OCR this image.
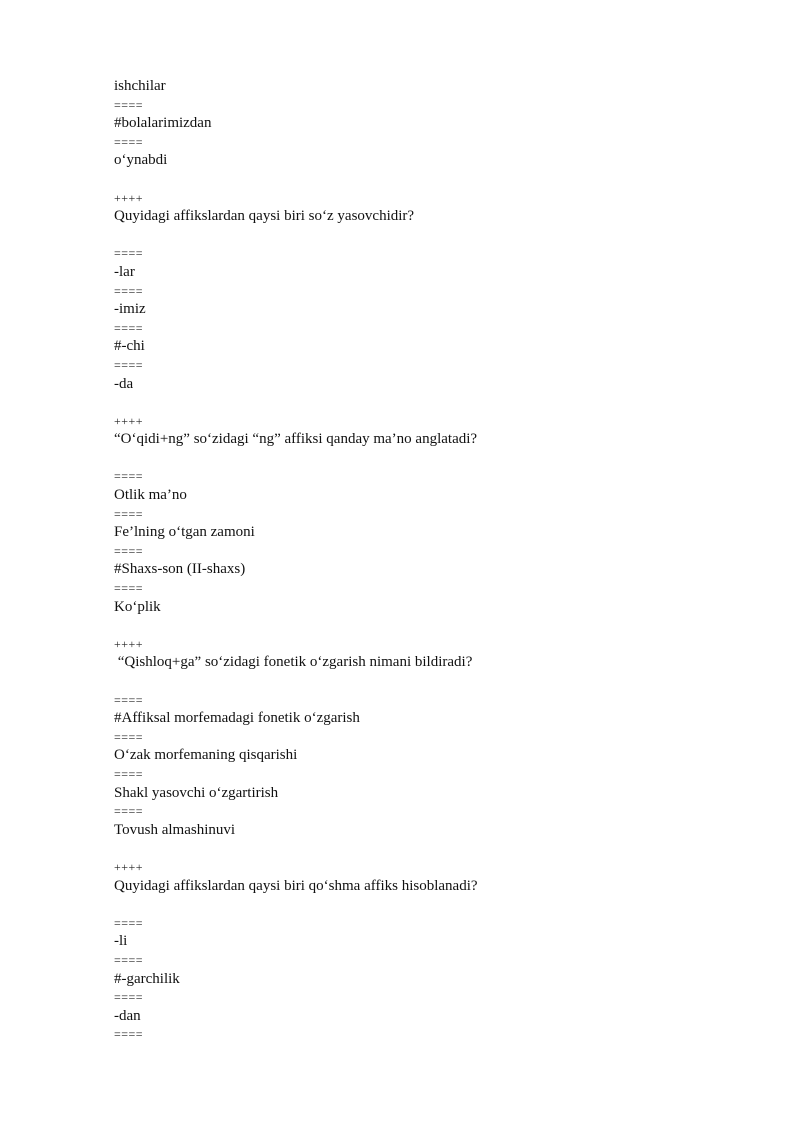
ishchilar
====
#bolalarimizdan
====
o‘ynabdi
++++
Quyidagi affikslardan qaysi biri so‘z yasovchidir?
====
-lar
====
-imiz
====
#-chi
====
-da
++++
“O‘qidi+ng” so‘zidagi “ng” affiksi qanday ma’no anglatadi?
====
Otlik ma’no
====
Fe’lning o‘tgan zamoni
====
#Shaxs-son (II-shaxs)
====
Ko‘plik
++++
“Qishloq+ga” so‘zidagi fonetik o‘zgarish nimani bildiradi?
====
#Affiksal morfemadagi fonetik o‘zgarish
====
O‘zak morfemaning qisqarishi
====
Shakl yasovchi o‘zgartirish
====
Tovush almashinuvi
++++
Quyidagi affikslardan qaysi biri qo‘shma affiks hisoblanadi?
====
-li
====
#-garchilik
====
-dan
====
